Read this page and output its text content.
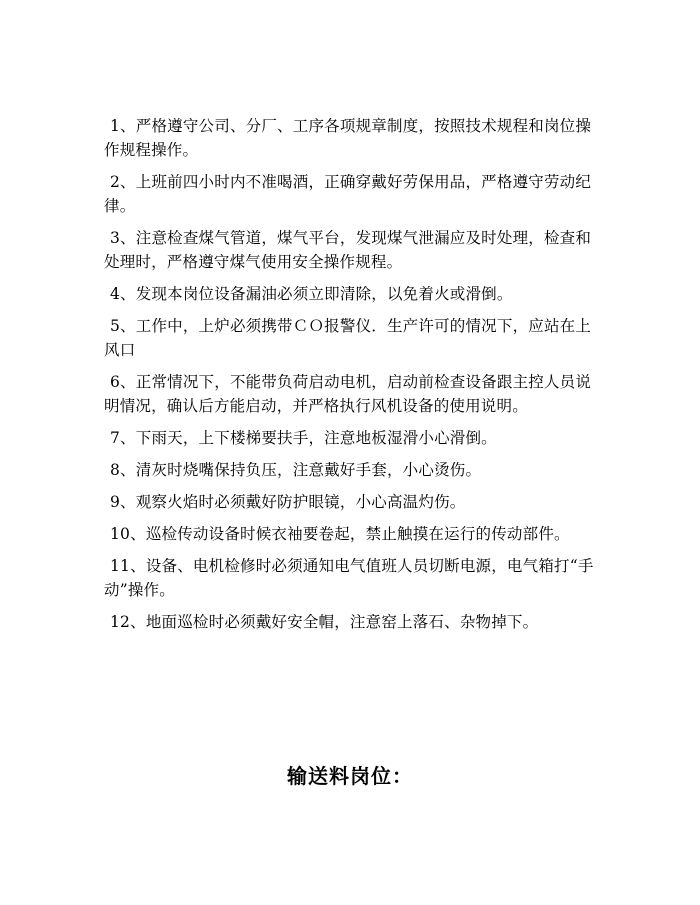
1、严格遵守公司、分厂、工序各项规章制度，按照技术规程和岗位操作规程操作。

2、上班前四小时内不准喝酒，正确穿戴好劳保用品，严格遵守劳动纪律。

3、注意检查煤气管道，煤气平台，发现煤气泄漏应及时处理，检查和处理时，严格遵守煤气使用安全操作规程。

4、发现本岗位设备漏油必须立即清除，以免着火或滑倒。

5、工作中，上炉必须携带ＣＯ报警仪．生产许可的情况下，应站在上风口

6、正常情况下，不能带负荷启动电机，启动前检查设备跟主控人员说明情况，确认后方能启动，并严格执行风机设备的使用说明。

7、下雨天，上下楼梯要扶手，注意地板湿滑小心滑倒。

8、清灰时烧嘴保持负压，注意戴好手套，小心烫伤。

9、观察火焰时必须戴好防护眼镜，小心高温灼伤。

10、巡检传动设备时候衣袖要卷起，禁止触摸在运行的传动部件。

11、设备、电机检修时必须通知电气值班人员切断电源，电气箱打“手动”操作。

12、地面巡检时必须戴好安全帽，注意窑上落石、杂物掉下。

输送料岗位：
